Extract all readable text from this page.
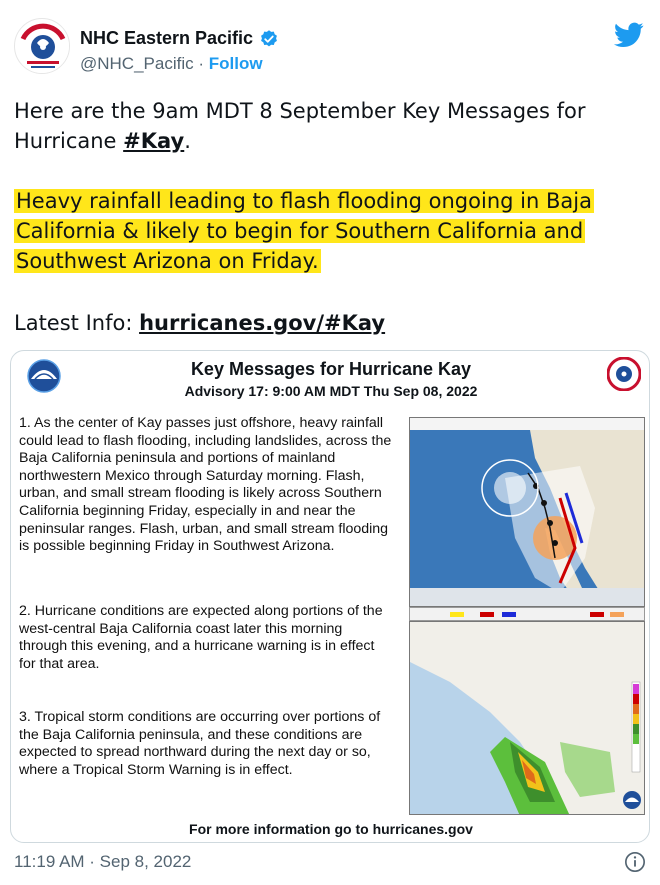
NHC Eastern Pacific
@NHC_Pacific · Follow
Here are the 9am MDT 8 September Key Messages for Hurricane #Kay.
Heavy rainfall leading to flash flooding ongoing in Baja California & likely to begin for Southern California and Southwest Arizona on Friday.
Latest Info: hurricanes.gov/#Kay
Key Messages for Hurricane Kay
Advisory 17: 9:00 AM MDT Thu Sep 08, 2022
1. As the center of Kay passes just offshore, heavy rainfall could lead to flash flooding, including landslides, across the Baja California peninsula and portions of mainland northwestern Mexico through Saturday morning. Flash, urban, and small stream flooding is likely across Southern California beginning Friday, especially in and near the peninsular ranges. Flash, urban, and small stream flooding is possible beginning Friday in Southwest Arizona.
2. Hurricane conditions are expected along portions of the west-central Baja California coast later this morning through this evening, and a hurricane warning is in effect for that area.
3. Tropical storm conditions are occurring over portions of the Baja California peninsula, and these conditions are expected to spread northward during the next day or so, where a Tropical Storm Warning is in effect.
For more information go to hurricanes.gov
11:19 AM · Sep 8, 2022
